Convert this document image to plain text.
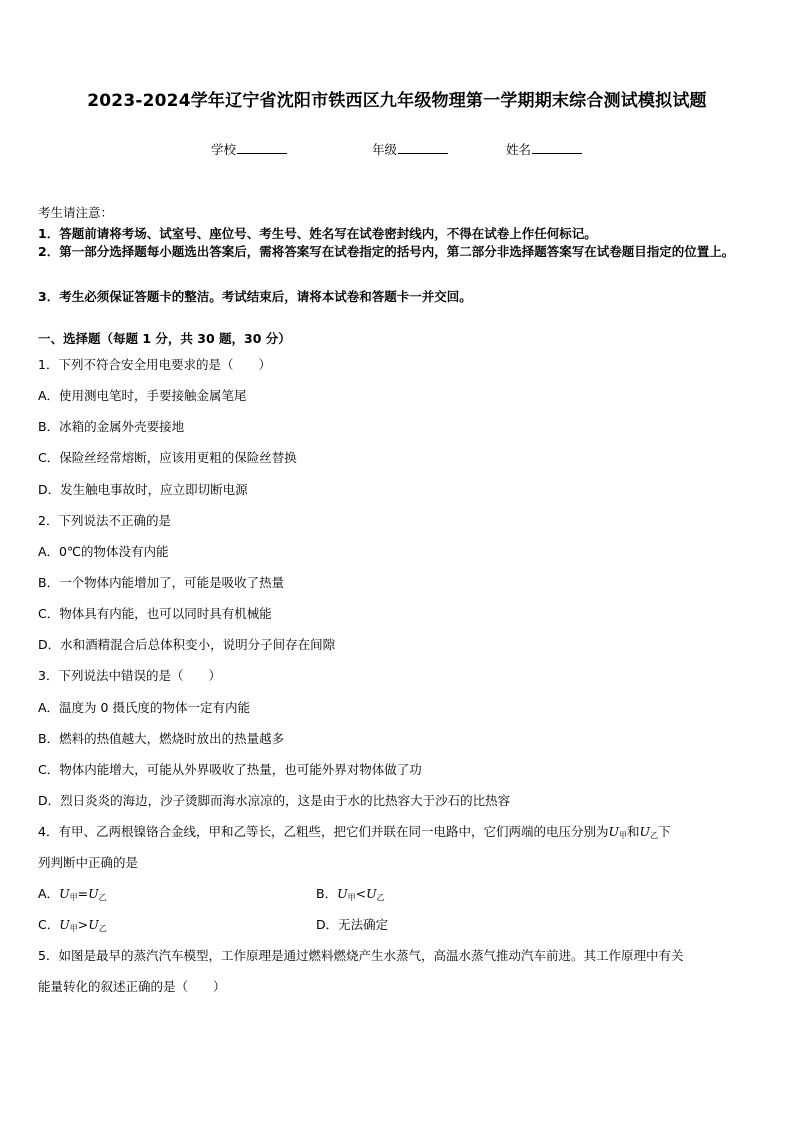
2023-2024学年辽宁省沈阳市铁西区九年级物理第一学期期末综合测试模拟试题
学校	年级	姓名
考生请注意：
1．答题前请将考场、试室号、座位号、考生号、姓名写在试卷密封线内，不得在试卷上作任何标记。
2．第一部分选择题每小题选出答案后，需将答案写在试卷指定的括号内，第二部分非选择题答案写在试卷题目指定的位置上。
3．考生必须保证答题卡的整洁。考试结束后，请将本试卷和答题卡一并交回。
一、选择题（每题 1 分，共 30 题，30 分）
1．下列不符合安全用电要求的是（　　）
A．使用测电笔时，手要接触金属笔尾
B．冰箱的金属外壳要接地
C．保险丝经常熔断，应该用更粗的保险丝替换
D．发生触电事故时，应立即切断电源
2．下列说法不正确的是
A．0℃的物体没有内能
B．一个物体内能增加了，可能是吸收了热量
C．物体具有内能，也可以同时具有机械能
D．水和酒精混合后总体积变小，说明分子间存在间隙
3．下列说法中错误的是（　　）
A．温度为 0 摄氏度的物体一定有内能
B．燃料的热值越大，燃烧时放出的热量越多
C．物体内能增大，可能从外界吸收了热量，也可能外界对物体做了功
D．烈日炎炎的海边，沙子烫脚而海水凉凉的，这是由于水的比热容大于沙石的比热容
4．有甲、乙两根镍铬合金线，甲和乙等长，乙粗些，把它们并联在同一电路中，它们两端的电压分别为$U_甲$和$U_乙$下
列判断中正确的是
A．$U_甲=U_乙$	B．$U_甲<U_乙$
C．$U_甲>U_乙$	D．无法确定
5．如图是最早的蒸汽汽车模型，工作原理是通过燃料燃烧产生水蒸气，高温水蒸气推动汽车前进。其工作原理中有关
能量转化的叙述正确的是（　　）
